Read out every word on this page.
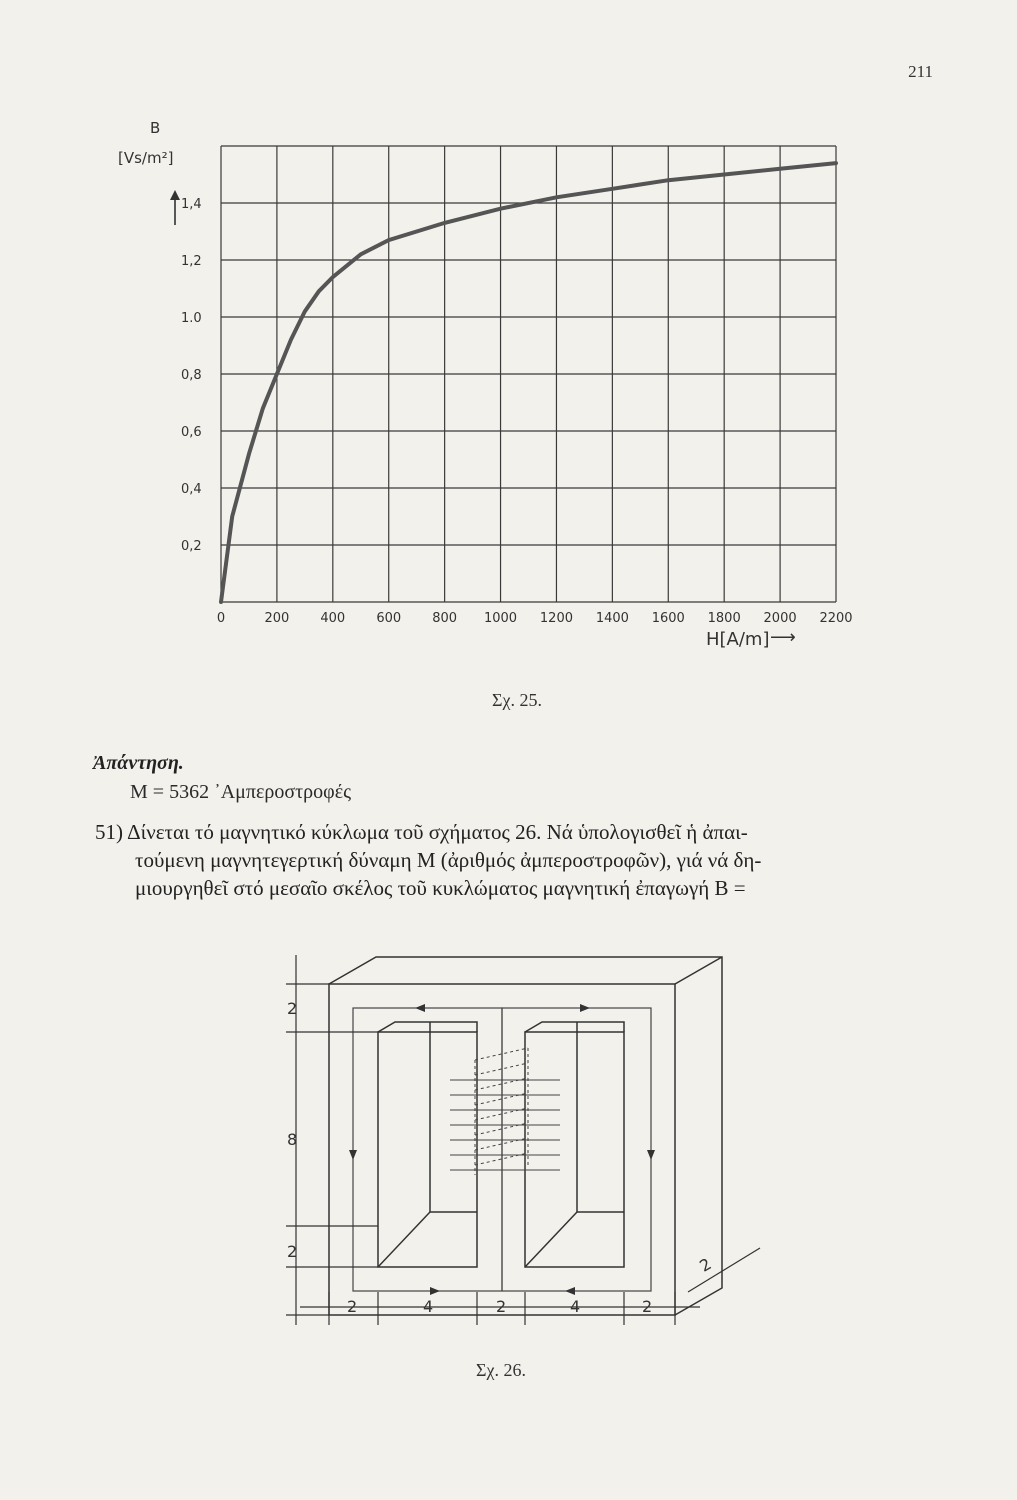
211
0	200 400 600 800 1000 1200 1400 1600 1800 2000 2200
0,2
0,4
0,6
0,8
1.0
1,2
1,4
B
[Vs/m²]
H[A/m] ⟶
Σχ. 25.
Ἀπάντηση.
M = 5362 ᾿Αμπεροστροφές
51) Δίνεται τό μαγνητικό κύκλωμα τοῦ σχήματος 26. Νά ὑπολογισθεῖ ἡ ἀπαι-
τούμενη μαγνητεγερτική δύναμη M (ἀριθμός ἀμπεροστροφῶν), γιά νά δη-
μιουργηθεῖ στό μεσαῖο σκέλος τοῦ κυκλώματος μαγνητική ἐπαγωγή B =
2
8
2
2	4	2	4	2
2
Σχ. 26.
